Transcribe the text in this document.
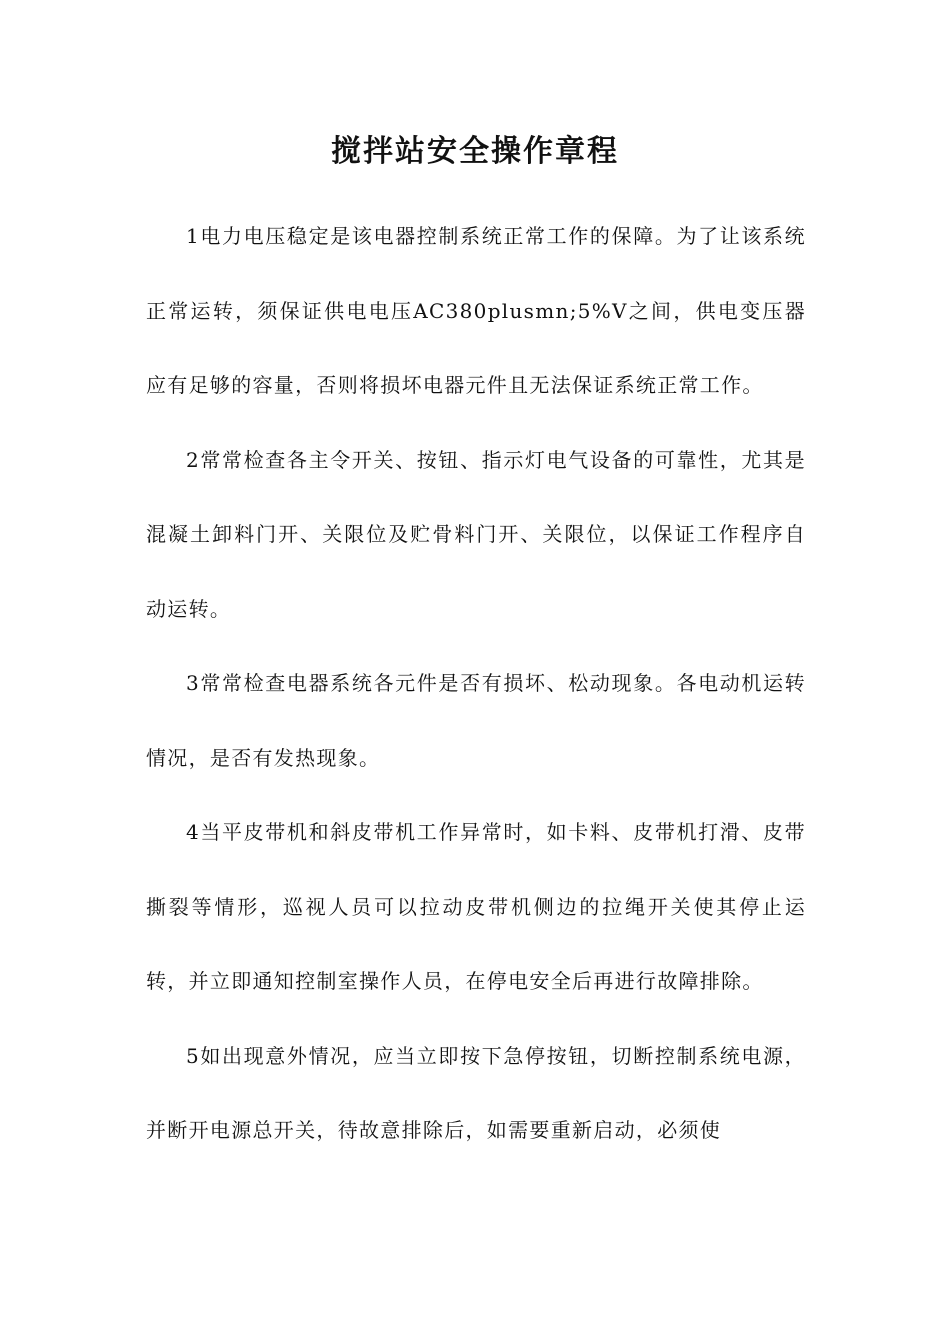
搅拌站安全操作章程

1电力电压稳定是该电器控制系统正常工作的保障。为了让该系统正常运转，须保证供电电压AC380plusmn;5%V之间，供电变压器应有足够的容量，否则将损坏电器元件且无法保证系统正常工作。

2常常检查各主令开关、按钮、指示灯电气设备的可靠性，尤其是混凝土卸料门开、关限位及贮骨料门开、关限位，以保证工作程序自动运转。

3常常检查电器系统各元件是否有损坏、松动现象。各电动机运转情况，是否有发热现象。

4当平皮带机和斜皮带机工作异常时，如卡料、皮带机打滑、皮带撕裂等情形，巡视人员可以拉动皮带机侧边的拉绳开关使其停止运转，并立即通知控制室操作人员，在停电安全后再进行故障排除。

5如出现意外情况，应当立即按下急停按钮，切断控制系统电源，并断开电源总开关，待故意排除后，如需要重新启动，必须使
